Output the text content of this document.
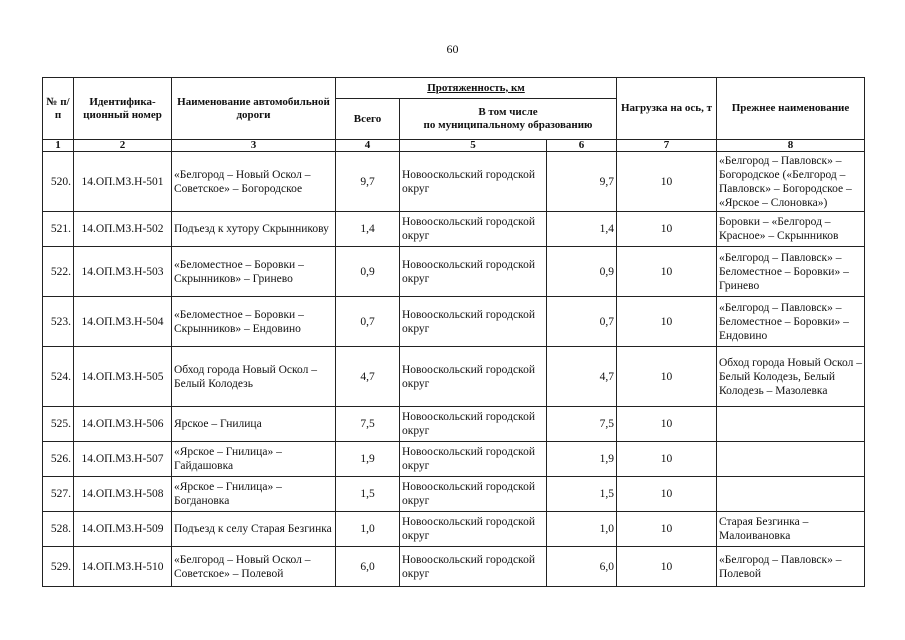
60
№ п/п	Идентифика-ционный номер	Наименование автомобильной дороги	Протяженность, км			Нагрузка на ось, т	Прежнее наименование
			Всего	В том числе
по муниципальному образованию			

1	2	3	4	5	6	7	8
520.	14.ОП.МЗ.Н-501	«Белгород – Новый Оскол – Советское» – Богородское	9,7	Новооскольский городской округ	9,7	10	«Белгород – Павловск» – Богородское («Белгород – Павловск» – Богородское – «Ярское – Слоновка»)
521.	14.ОП.МЗ.Н-502	Подъезд к хутору Скрынникову	1,4	Новооскольский городской округ	1,4	10	Боровки – «Белгород – Красное» – Скрынников
522.	14.ОП.МЗ.Н-503	«Беломестное – Боровки – Скрынников» – Гринево	0,9	Новооскольский городской округ	0,9	10	«Белгород – Павловск» – Беломестное – Боровки» – Гринево
523.	14.ОП.МЗ.Н-504	«Беломестное – Боровки – Скрынников» – Ендовино	0,7	Новооскольский городской округ	0,7	10	«Белгород – Павловск» – Беломестное – Боровки» – Ендовино
524.	14.ОП.МЗ.Н-505	Обход города Новый Оскол – Белый Колодезь	4,7	Новооскольский городской округ	4,7	10	Обход города Новый Оскол – Белый Колодезь, Белый Колодезь – Мазолевка
525.	14.ОП.МЗ.Н-506	Ярское – Гнилица	7,5	Новооскольский городской округ	7,5	10	
526.	14.ОП.МЗ.Н-507	«Ярское – Гнилица» – Гайдашовка	1,9	Новооскольский городской округ	1,9	10	
527.	14.ОП.МЗ.Н-508	«Ярское – Гнилица» – Богдановка	1,5	Новооскольский городской округ	1,5	10	
528.	14.ОП.МЗ.Н-509	Подъезд к селу Старая Безгинка	1,0	Новооскольский городской округ	1,0	10	Старая Безгинка – Малоивановка
529.	14.ОП.МЗ.Н-510	«Белгород – Новый Оскол – Советское» – Полевой	6,0	Новооскольский городской округ	6,0	10	«Белгород – Павловск» – Полевой
